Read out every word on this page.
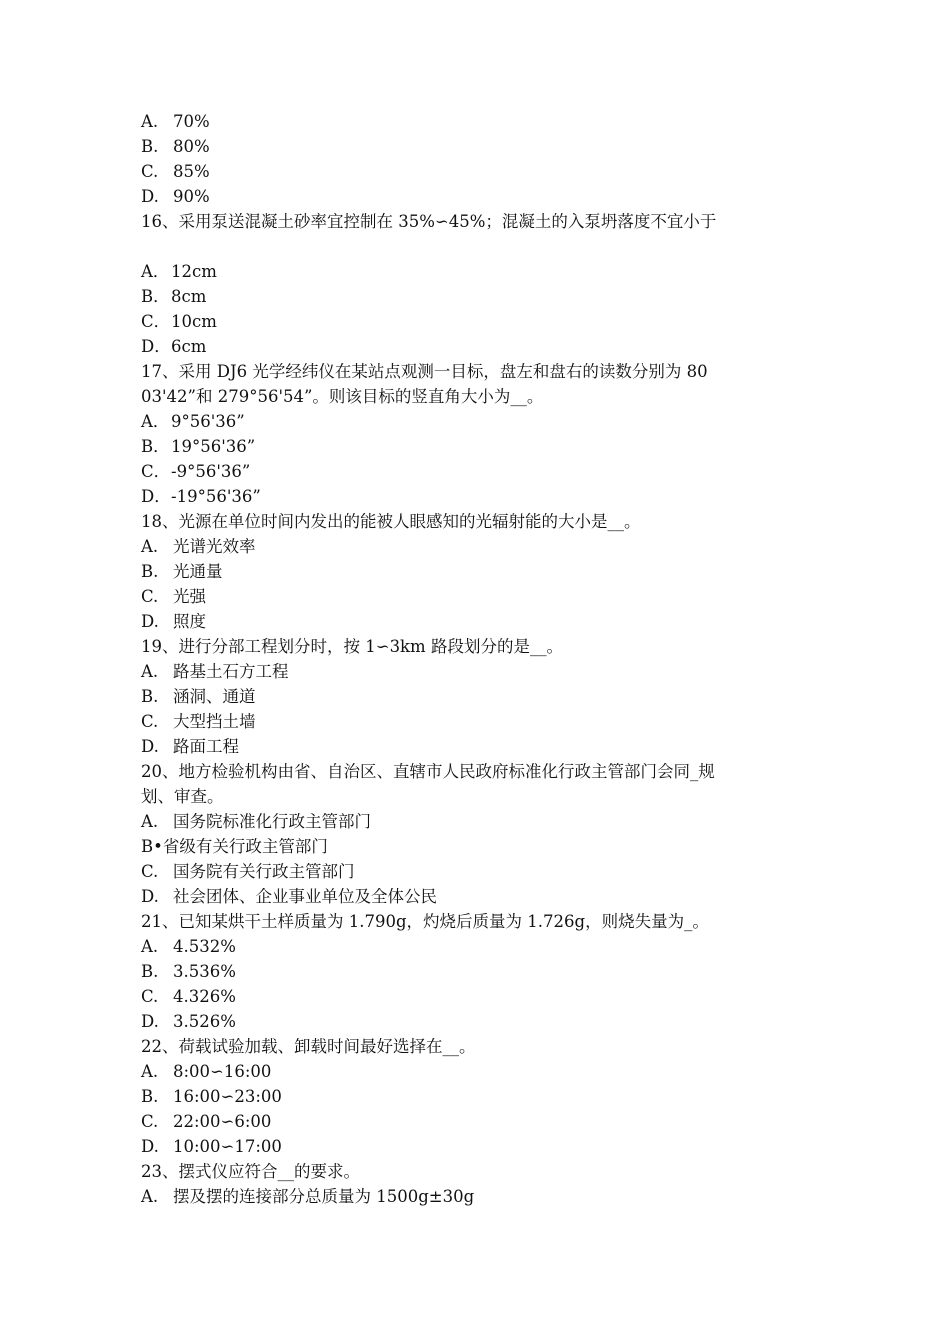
A. 70%
B. 80%
C. 85%
D. 90%
16、采用泵送混凝土砂率宜控制在 35%∽45%；混凝土的入泵坍落度不宜小于
A． 12cm
B． 8cm
C． 10cm
D． 6cm
17、采用 DJ6 光学经纬仪在某站点观测一目标，盘左和盘右的读数分别为 80
03'42”和 279°56'54”。则该目标的竖直角大小为__。
A． 9°56'36”
B． 19°56'36”
C． -9°56'36”
D． -19°56'36”
18、光源在单位时间内发出的能被人眼感知的光辐射能的大小是__。
A. 光谱光效率
B. 光通量
C. 光强
D. 照度
19、进行分部工程划分时，按 1∽3km 路段划分的是__。
A. 路基土石方工程
B. 涵洞、通道
C. 大型挡土墙
D. 路面工程
20、地方检验机构由省、自治区、直辖市人民政府标准化行政主管部门会同_规
划、审查。
A. 国务院标准化行政主管部门
B•省级有关行政主管部门
C. 国务院有关行政主管部门
D. 社会团体、企业事业单位及全体公民
21、已知某烘干土样质量为 1.790g，灼烧后质量为 1.726g，则烧失量为_。
A. 4.532%
B. 3.536%
C. 4.326%
D. 3.526%
22、荷载试验加载、卸载时间最好选择在__。
A. 8:00∽16:00
B. 16:00∽23:00
C. 22:00∽6:00
D. 10:00∽17:00
23、摆式仪应符合__的要求。
A. 摆及摆的连接部分总质量为 1500g±30g
